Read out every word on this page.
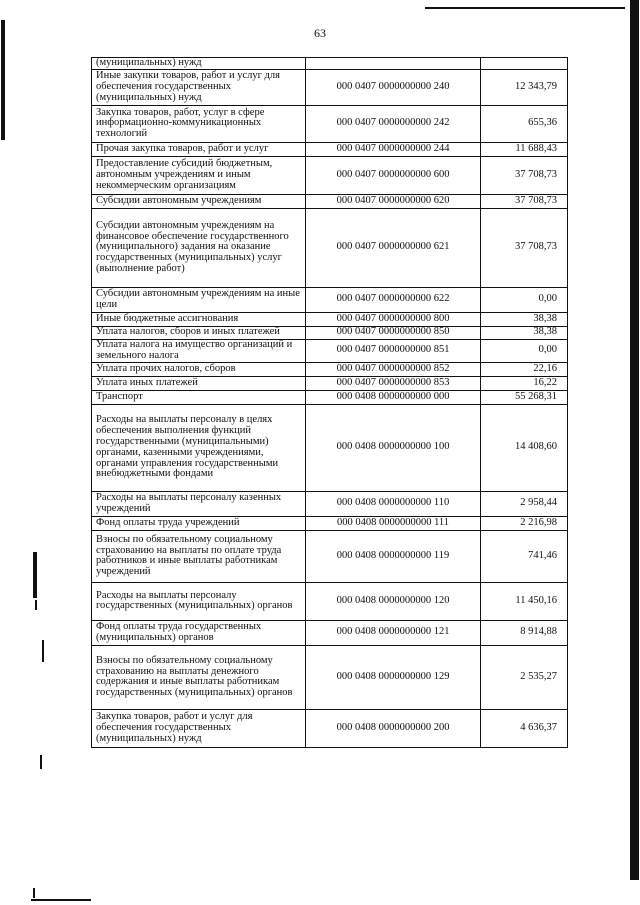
63
(муниципальных) нужд		
Иные закупки товаров, работ и услуг для обеспечения государственных (муниципальных) нужд	000 0407 0000000000 240	12 343,79
Закупка товаров, работ, услуг в сфере информационно-коммуникационных технологий	000 0407 0000000000 242	655,36
Прочая закупка товаров, работ и услуг	000 0407 0000000000 244	11 688,43
Предоставление субсидий бюджетным, автономным учреждениям и иным некоммерческим организациям	000 0407 0000000000 600	37 708,73
Субсидии автономным учреждениям	000 0407 0000000000 620	37 708,73
Субсидии автономным учреждениям на финансовое обеспечение государственного (муниципального) задания на оказание государственных (муниципальных) услуг (выполнение работ)	000 0407 0000000000 621	37 708,73
Субсидии автономным учреждениям на иные цели	000 0407 0000000000 622	0,00
Иные бюджетные ассигнования	000 0407 0000000000 800	38,38
Уплата налогов, сборов и иных платежей	000 0407 0000000000 850	38,38
Уплата налога на имущество организаций и земельного налога	000 0407 0000000000 851	0,00
Уплата прочих налогов, сборов	000 0407 0000000000 852	22,16
Уплата иных платежей	000 0407 0000000000 853	16,22
Транспорт	000 0408 0000000000 000	55 268,31
Расходы на выплаты персоналу в целях обеспечения выполнения функций государственными (муниципальными) органами, казенными учреждениями, органами управления государственными внебюджетными фондами	000 0408 0000000000 100	14 408,60
Расходы на выплаты персоналу казенных учреждений	000 0408 0000000000 110	2 958,44
Фонд оплаты труда учреждений	000 0408 0000000000 111	2 216,98
Взносы по обязательному социальному страхованию на выплаты по оплате труда работников и иные выплаты работникам учреждений	000 0408 0000000000 119	741,46
Расходы на выплаты персоналу государственных (муниципальных) органов	000 0408 0000000000 120	11 450,16
Фонд оплаты труда государственных (муниципальных) органов	000 0408 0000000000 121	8 914,88
Взносы по обязательному социальному страхованию на выплаты денежного содержания и иные выплаты работникам государственных (муниципальных) органов	000 0408 0000000000 129	2 535,27
Закупка товаров, работ и услуг для обеспечения государственных (муниципальных) нужд	000 0408 0000000000 200	4 636,37
